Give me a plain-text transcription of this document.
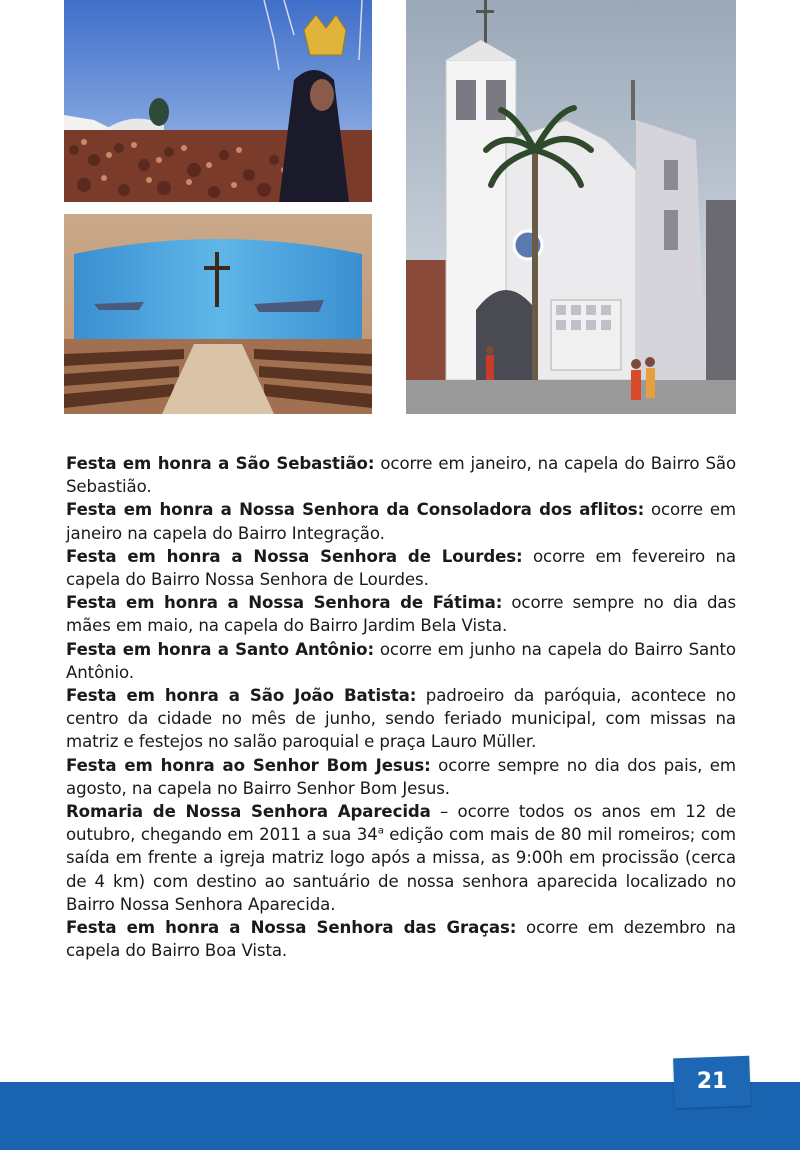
Festa em honra a São Sebastião: ocorre em janeiro, na capela do Bairro São Sebastião.

Festa em honra a Nossa Senhora da Consoladora dos aflitos: ocorre em janeiro na capela do Bairro Integração.

Festa em honra a Nossa Senhora de Lourdes: ocorre em fevereiro na capela do Bairro Nossa Senhora de Lourdes.

Festa em honra a Nossa Senhora de Fátima: ocorre sempre no dia das mães em maio, na capela do Bairro Jardim Bela Vista.

Festa em honra a Santo Antônio: ocorre em junho na capela do Bairro Santo Antônio.

Festa em honra a São João Batista: padroeiro da paróquia, acontece no centro da cidade no mês de junho, sendo feriado municipal, com missas na matriz e festejos no salão paroquial e praça Lauro Müller.

Festa em honra ao Senhor Bom Jesus: ocorre sempre no dia dos pais, em agosto, na capela no Bairro Senhor Bom Jesus.

Romaria de Nossa Senhora Aparecida – ocorre todos os anos em 12 de outubro, chegando em 2011 a sua 34$^a$ edição com mais de 80 mil romeiros; com saída em frente a igreja matriz logo após a missa, as 9:00h em procissão (cerca de 4 km) com destino ao santuário de nossa senhora aparecida localizado no Bairro Nossa Senhora Aparecida.

Festa em honra a Nossa Senhora das Graças: ocorre em dezembro na capela do Bairro Boa Vista.

21
